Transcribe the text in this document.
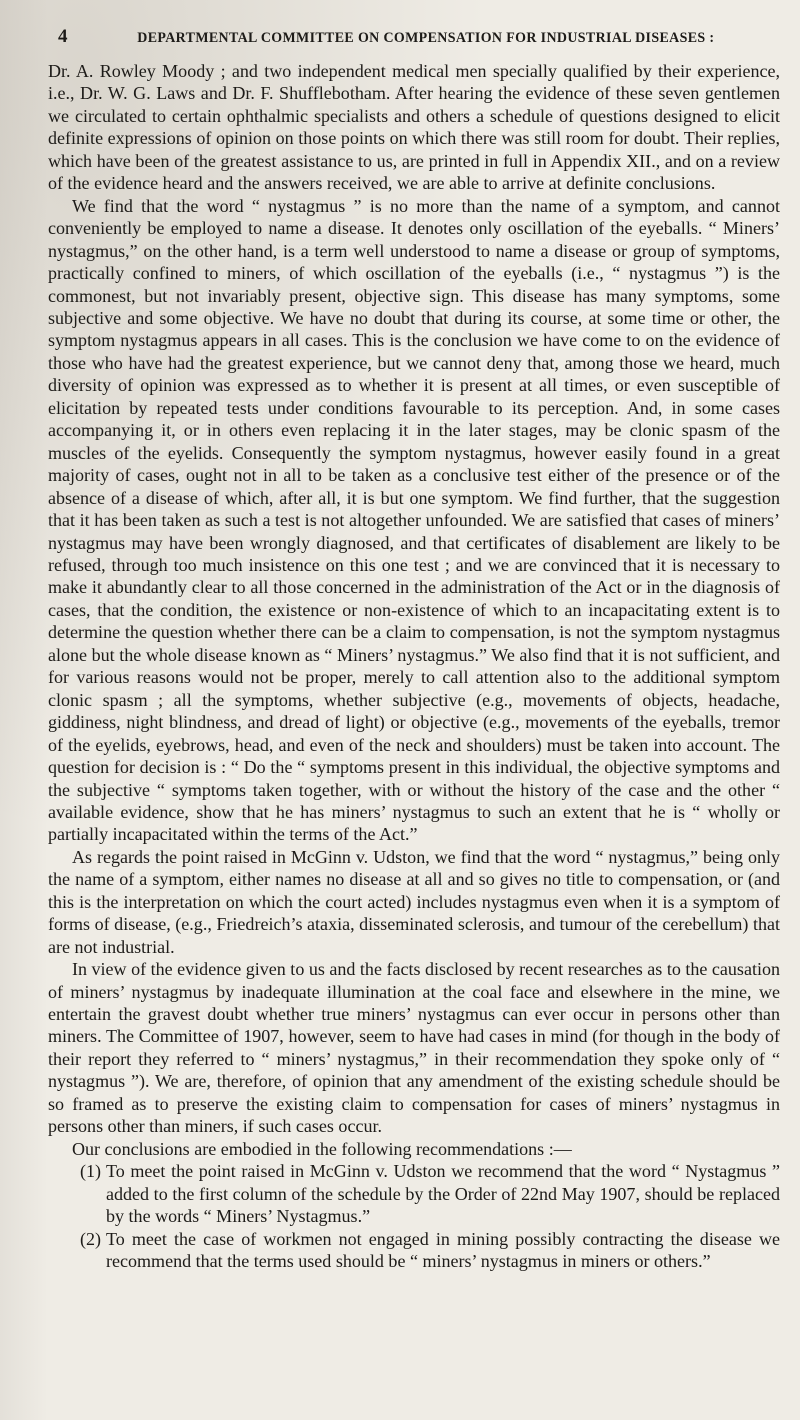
4	DEPARTMENTAL COMMITTEE ON COMPENSATION FOR INDUSTRIAL DISEASES :

Dr. A. Rowley Moody ; and two independent medical men specially qualified by their experience, i.e., Dr. W. G. Laws and Dr. F. Shufflebotham. After hearing the evidence of these seven gentlemen we circulated to certain ophthalmic specialists and others a schedule of questions designed to elicit definite expressions of opinion on those points on which there was still room for doubt. Their replies, which have been of the greatest assistance to us, are printed in full in Appendix XII., and on a review of the evidence heard and the answers received, we are able to arrive at definite conclusions.

We find that the word “ nystagmus ” is no more than the name of a symptom, and cannot conveniently be employed to name a disease. It denotes only oscillation of the eyeballs. “ Miners’ nystagmus,” on the other hand, is a term well understood to name a disease or group of symptoms, practically confined to miners, of which oscillation of the eyeballs (i.e., “ nystagmus ”) is the commonest, but not invariably present, objective sign. This disease has many symptoms, some subjective and some objective. We have no doubt that during its course, at some time or other, the symptom nystagmus appears in all cases. This is the conclusion we have come to on the evidence of those who have had the greatest experience, but we cannot deny that, among those we heard, much diversity of opinion was expressed as to whether it is present at all times, or even susceptible of elicitation by repeated tests under conditions favourable to its perception. And, in some cases accompanying it, or in others even replacing it in the later stages, may be clonic spasm of the muscles of the eyelids. Consequently the symptom nystagmus, however easily found in a great majority of cases, ought not in all to be taken as a conclusive test either of the presence or of the absence of a disease of which, after all, it is but one symptom. We find further, that the suggestion that it has been taken as such a test is not altogether unfounded. We are satisfied that cases of miners’ nystagmus may have been wrongly diagnosed, and that certificates of disablement are likely to be refused, through too much insistence on this one test ; and we are convinced that it is necessary to make it abundantly clear to all those concerned in the administration of the Act or in the diagnosis of cases, that the condition, the existence or non-existence of which to an incapacitating extent is to determine the question whether there can be a claim to compensation, is not the symptom nystagmus alone but the whole disease known as “ Miners’ nystagmus.” We also find that it is not sufficient, and for various reasons would not be proper, merely to call attention also to the additional symptom clonic spasm ; all the symptoms, whether subjective (e.g., movements of objects, headache, giddiness, night blindness, and dread of light) or objective (e.g., movements of the eyeballs, tremor of the eyelids, eyebrows, head, and even of the neck and shoulders) must be taken into account. The question for decision is : “ Do the “ symptoms present in this individual, the objective symptoms and the subjective “ symptoms taken together, with or without the history of the case and the other “ available evidence, show that he has miners’ nystagmus to such an extent that he is “ wholly or partially incapacitated within the terms of the Act.”

As regards the point raised in McGinn v. Udston, we find that the word “ nystagmus,” being only the name of a symptom, either names no disease at all and so gives no title to compensation, or (and this is the interpretation on which the court acted) includes nystagmus even when it is a symptom of forms of disease, (e.g., Friedreich’s ataxia, disseminated sclerosis, and tumour of the cerebellum) that are not industrial.

In view of the evidence given to us and the facts disclosed by recent researches as to the causation of miners’ nystagmus by inadequate illumination at the coal face and elsewhere in the mine, we entertain the gravest doubt whether true miners’ nystagmus can ever occur in persons other than miners. The Committee of 1907, however, seem to have had cases in mind (for though in the body of their report they referred to “ miners’ nystagmus,” in their recommendation they spoke only of “ nystagmus ”). We are, therefore, of opinion that any amendment of the existing schedule should be so framed as to preserve the existing claim to compensation for cases of miners’ nystagmus in persons other than miners, if such cases occur.

Our conclusions are embodied in the following recommendations :—

(1) To meet the point raised in McGinn v. Udston we recommend that the word “ Nystagmus ” added to the first column of the schedule by the Order of 22nd May 1907, should be replaced by the words “ Miners’ Nystagmus.”
(2) To meet the case of workmen not engaged in mining possibly contracting the disease we recommend that the terms used should be “ miners’ nystagmus in miners or others.”
